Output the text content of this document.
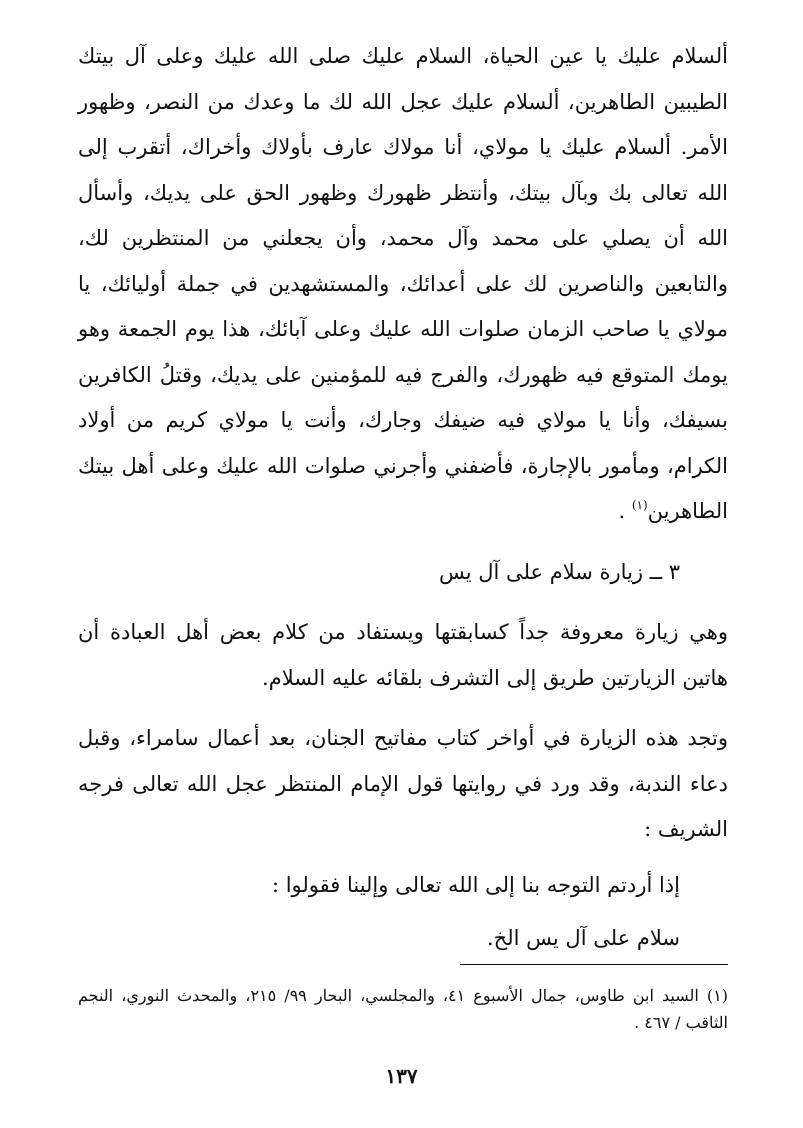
ألسلام عليك يا عين الحياة، السلام عليك صلى الله عليك وعلى آل بيتك الطيبين الطاهرين، ألسلام عليك عجل الله لك ما وعدك من النصر، وظهور الأمر. ألسلام عليك يا مولاي، أنا مولاك عارف بأولاك وأخراك، أتقرب إلى الله تعالى بك وبآل بيتك، وأنتظر ظهورك وظهور الحق على يديك، وأسأل الله أن يصلي على محمد وآل محمد، وأن يجعلني من المنتظرين لك، والتابعين والناصرين لك على أعدائك، والمستشهدين في جملة أوليائك، يا مولاي يا صاحب الزمان صلوات الله عليك وعلى آبائك، هذا يوم الجمعة وهو يومك المتوقع فيه ظهورك، والفرج فيه للمؤمنين على يديك، وقتلُ الكافرين بسيفك، وأنا يا مولاي فيه ضيفك وجارك، وأنت يا مولاي كريم من أولاد الكرام، ومأمور بالإجارة، فأضفني وأجرني صلوات الله عليك وعلى أهل بيتك الطاهرين$^{(١)}$ .

٣ ــ زيارة سلام على آل يس

وهي زيارة معروفة جداً كسابقتها ويستفاد من كلام بعض أهل العبادة أن هاتين الزيارتين طريق إلى التشرف بلقائه عليه السلام.

وتجد هذه الزيارة في أواخر كتاب مفاتيح الجنان، بعد أعمال سامراء، وقبل دعاء الندبة، وقد ورد في روايتها قول الإمام المنتظر عجل الله تعالى فرجه الشريف :

إذا أردتم التوجه بنا إلى الله تعالى وإلينا فقولوا :

سلام على آل يس الخ.

(١) السيد ابن طاوس، جمال الأسبوع ٤١، والمجلسي، البحار ٩٩/ ٢١٥، والمحدث النوري، النجم الثاقب / ٤٦٧ .

١٣٧
